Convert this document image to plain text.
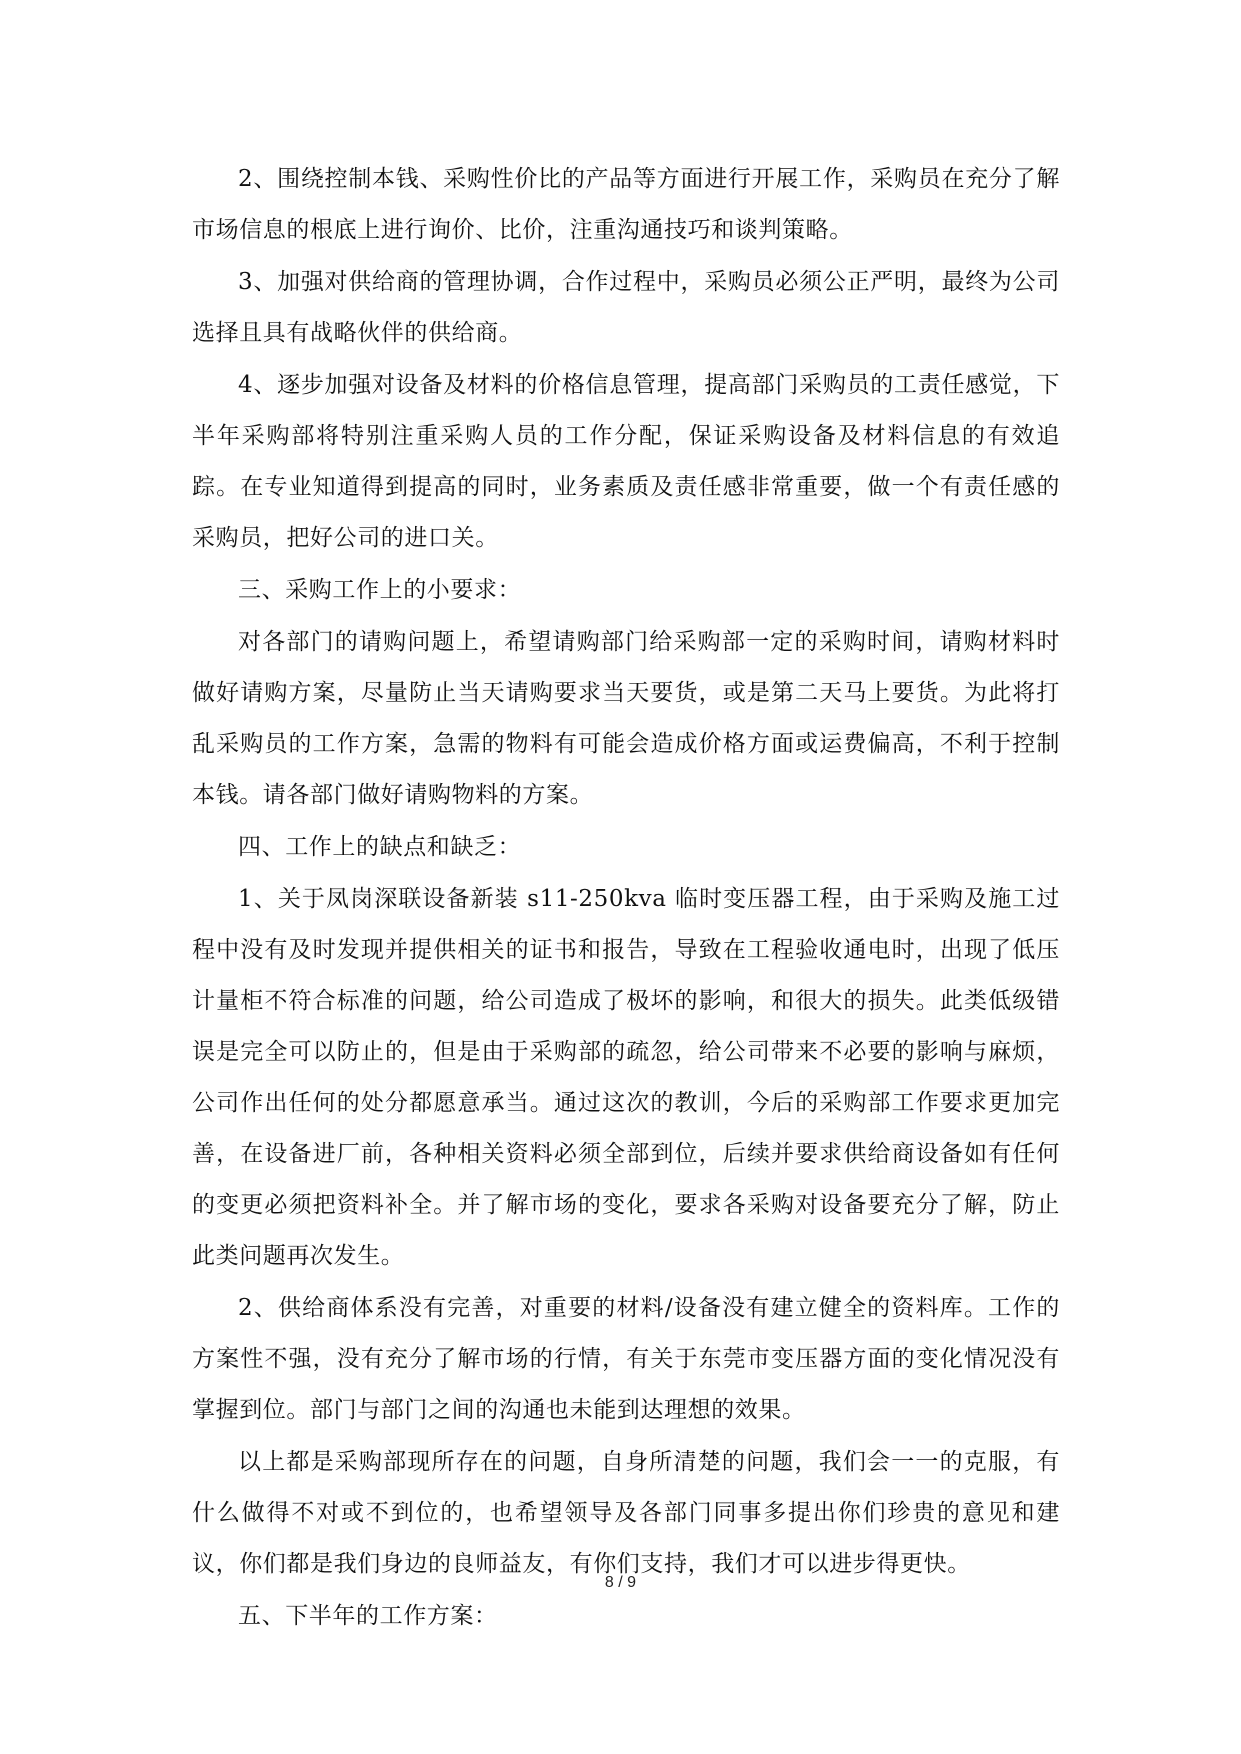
2、围绕控制本钱、采购性价比的产品等方面进行开展工作，采购员在充分了解市场信息的根底上进行询价、比价，注重沟通技巧和谈判策略。

3、加强对供给商的管理协调，合作过程中，采购员必须公正严明，最终为公司选择且具有战略伙伴的供给商。

4、逐步加强对设备及材料的价格信息管理，提高部门采购员的工责任感觉，下半年采购部将特别注重采购人员的工作分配，保证采购设备及材料信息的有效追踪。在专业知道得到提高的同时，业务素质及责任感非常重要，做一个有责任感的采购员，把好公司的进口关。

三、采购工作上的小要求：

对各部门的请购问题上，希望请购部门给采购部一定的采购时间，请购材料时做好请购方案，尽量防止当天请购要求当天要货，或是第二天马上要货。为此将打乱采购员的工作方案，急需的物料有可能会造成价格方面或运费偏高，不利于控制本钱。请各部门做好请购物料的方案。

四、工作上的缺点和缺乏：

1、关于凤岗深联设备新装 s11-250kva 临时变压器工程，由于采购及施工过程中没有及时发现并提供相关的证书和报告，导致在工程验收通电时，出现了低压计量柜不符合标准的问题，给公司造成了极坏的影响，和很大的损失。此类低级错误是完全可以防止的，但是由于采购部的疏忽，给公司带来不必要的影响与麻烦，公司作出任何的处分都愿意承当。通过这次的教训，今后的采购部工作要求更加完善，在设备进厂前，各种相关资料必须全部到位，后续并要求供给商设备如有任何的变更必须把资料补全。并了解市场的变化，要求各采购对设备要充分了解，防止此类问题再次发生。

2、供给商体系没有完善，对重要的材料/设备没有建立健全的资料库。工作的方案性不强，没有充分了解市场的行情，有关于东莞市变压器方面的变化情况没有掌握到位。部门与部门之间的沟通也未能到达理想的效果。

以上都是采购部现所存在的问题，自身所清楚的问题，我们会一一的克服，有什么做得不对或不到位的，也希望领导及各部门同事多提出你们珍贵的意见和建议，你们都是我们身边的良师益友，有你们支持，我们才可以进步得更快。

五、下半年的工作方案：

8 / 9
